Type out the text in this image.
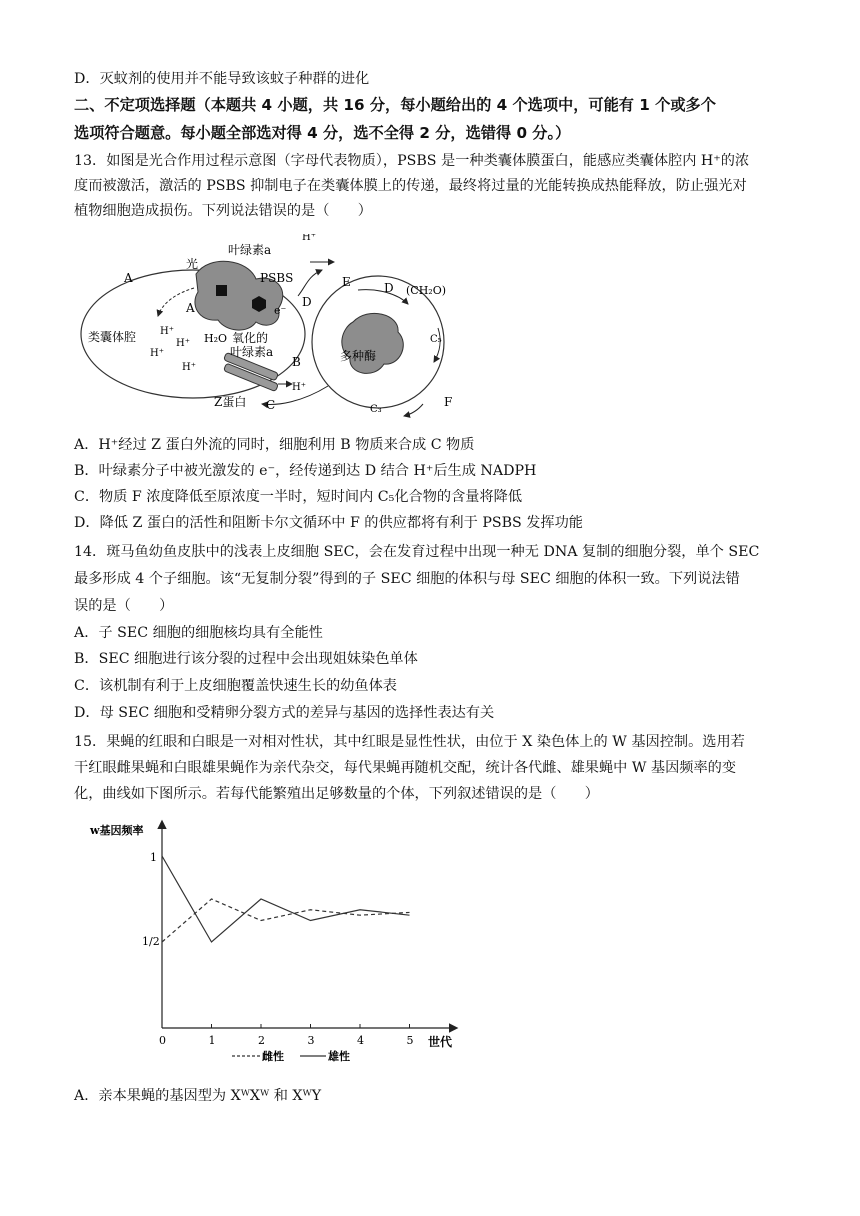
D．灭蚊剂的使用并不能导致该蚊子种群的进化
二、不定项选择题（本题共 4 小题，共 16 分，每小题给出的 4 个选项中，可能有 1 个或多个
选项符合题意。每小题全部选对得 4 分，选不全得 2 分，选错得 0 分。）
13．如图是光合作用过程示意图（字母代表物质），PSBS 是一种类囊体膜蛋白，能感应类囊体腔内 H⁺的浓
度而被激活，激活的 PSBS 抑制电子在类囊体膜上的传递，最终将过量的光能转换成热能释放，防止强光对
植物细胞造成损伤。下列说法错误的是（　　）
叶绿素a
光
PSBS
类囊体腔	氧化的
叶绿素a
H₂O
Z蛋白
多种酶
e⁻
(CH₂O)
C₅
C₃
H⁺
H⁺
H⁺
H⁺
H⁺
H⁺
A
A
B
C
D
D
E
F
A．H⁺经过 Z 蛋白外流的同时，细胞利用 B 物质来合成 C 物质
B．叶绿素分子中被光激发的 e⁻，经传递到达 D 结合 H⁺后生成 NADPH
C．物质 F 浓度降低至原浓度一半时，短时间内 C₅化合物的含量将降低
D．降低 Z 蛋白的活性和阻断卡尔文循环中 F 的供应都将有利于 PSBS 发挥功能
14．斑马鱼幼鱼皮肤中的浅表上皮细胞 SEC，会在发育过程中出现一种无 DNA 复制的细胞分裂，单个 SEC
最多形成 4 个子细胞。该“无复制分裂”得到的子 SEC 细胞的体积与母 SEC 细胞的体积一致。下列说法错
误的是（　　）
A．子 SEC 细胞的细胞核均具有全能性
B．SEC 细胞进行该分裂的过程中会出现姐妹染色单体
C．该机制有利于上皮细胞覆盖快速生长的幼鱼体表
D．母 SEC 细胞和受精卵分裂方式的差异与基因的选择性表达有关
15．果蝇的红眼和白眼是一对相对性状，其中红眼是显性性状，由位于 X 染色体上的 W 基因控制。选用若
干红眼雌果蝇和白眼雄果蝇作为亲代杂交，每代果蝇再随机交配，统计各代雌、雄果蝇中 W 基因频率的变
化，曲线如下图所示。若每代能繁殖出足够数量的个体，下列叙述错误的是（　　）
w基因频率
世代
1
1/2
0	1	2	3	4	5
雌性	雄性
A．亲本果蝇的基因型为 XᵂXᵂ 和 XᵂY
